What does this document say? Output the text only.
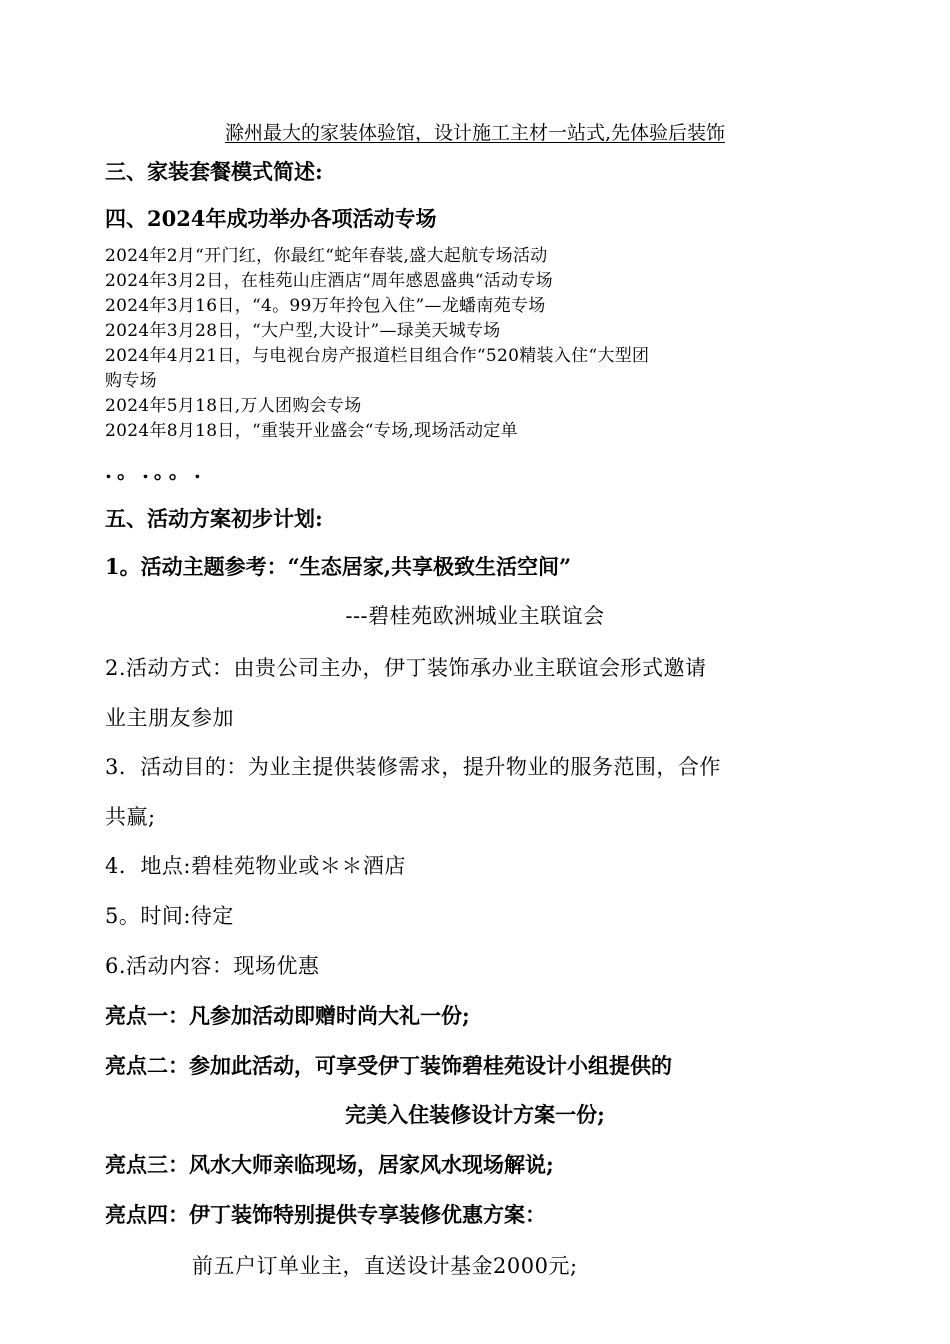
滁州最大的家装体验馆，设计施工主材一站式,先体验后装饰
三、家装套餐模式简述:
四、2024年成功举办各项活动专场
2024年2月“开门红，你最红“蛇年春装,盛大起航专场活动
2024年3月2日，在桂苑山庄酒店“周年感恩盛典“活动专场
2024年3月16日，“4。99万年拎包入住”—龙蟠南苑专场
2024年3月28日，“大户型,大设计”—琭美天城专场
2024年4月21日，与电视台房产报道栏目组合作“520精装入住“大型团
购专场
2024年5月18日,万人团购会专场
2024年8月18日，“重装开业盛会“专场,现场活动定单
.。.。。.
五、活动方案初步计划:
1。活动主题参考：“生态居家,共享极致生活空间”
---碧桂苑欧洲城业主联谊会
2.活动方式：由贵公司主办，伊丁装饰承办业主联谊会形式邀请
业主朋友参加
3．活动目的：为业主提供装修需求，提升物业的服务范围，合作
共赢;
4．地点:碧桂苑物业或＊＊酒店
5。时间:待定
6.活动内容：现场优惠
亮点一：凡参加活动即赠时尚大礼一份;
亮点二：参加此活动，可享受伊丁装饰碧桂苑设计小组提供的
完美入住装修设计方案一份;
亮点三：风水大师亲临现场，居家风水现场解说;
亮点四：伊丁装饰特别提供专享装修优惠方案：
前五户订单业主，直送设计基金2000元;
